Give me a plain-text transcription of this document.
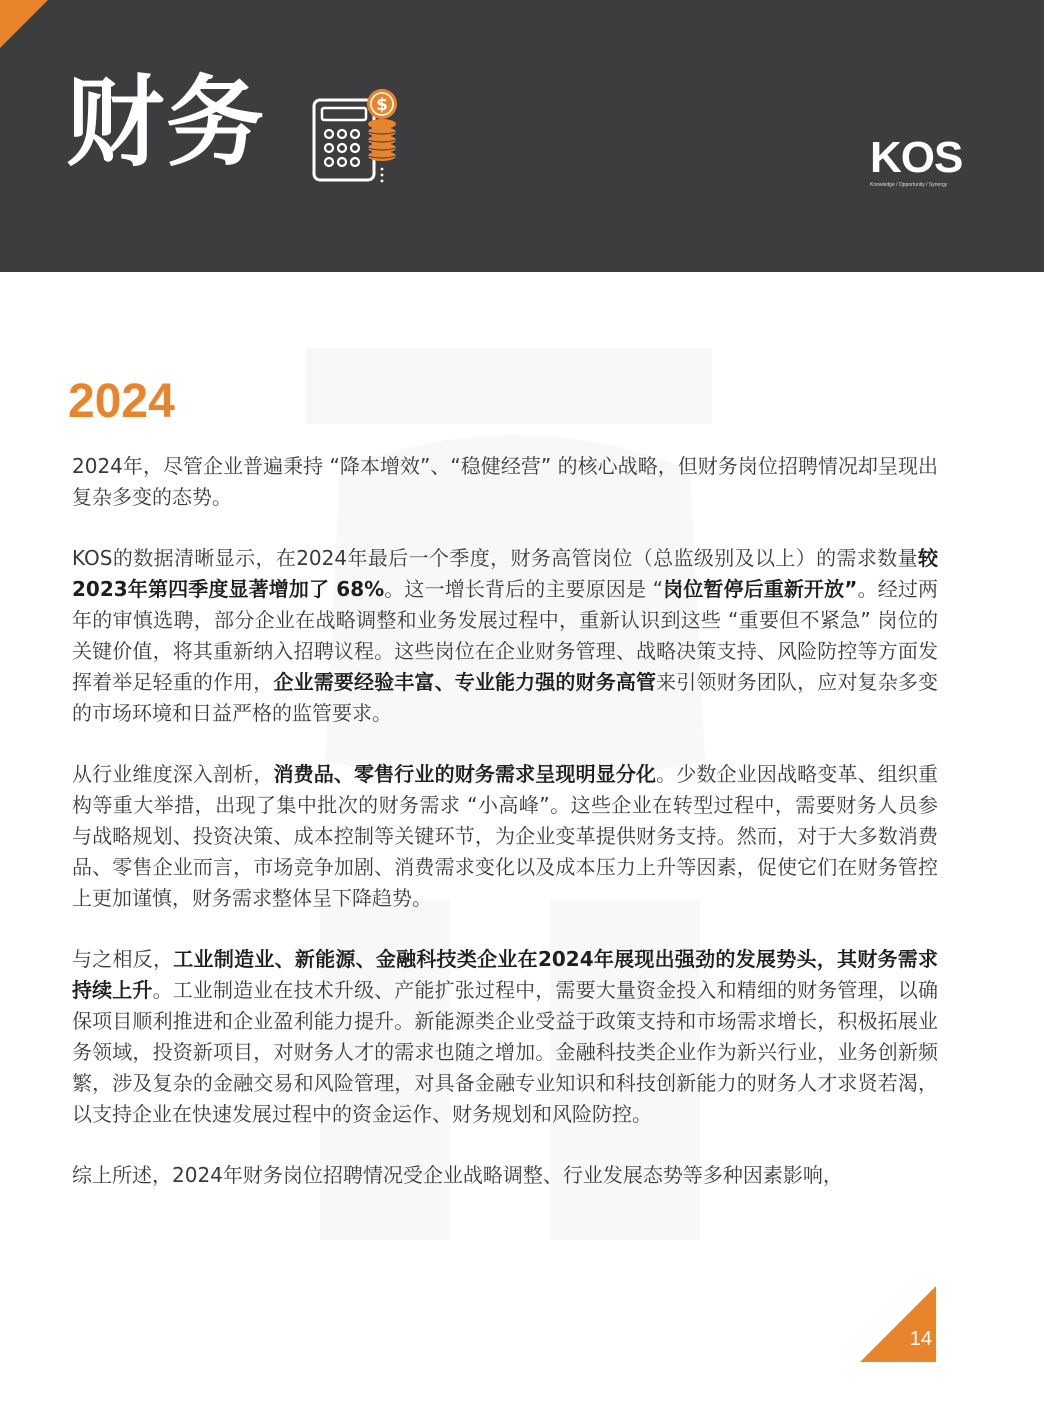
财务	$
KOS
Knowledge / Opportunity / Synergy
2024

2024年，尽管企业普遍秉持 “降本增效”、“稳健经营” 的核心战略，但财务岗位招聘情况却呈现出复杂多变的态势。

KOS的数据清晰显示，在2024年最后一个季度，财务高管岗位（总监级别及以上）的需求数量较2023年第四季度显著增加了 68%。这一增长背后的主要原因是 “岗位暂停后重新开放”。经过两年的审慎选聘，部分企业在战略调整和业务发展过程中，重新认识到这些 “重要但不紧急” 岗位的关键价值，将其重新纳入招聘议程。这些岗位在企业财务管理、战略决策支持、风险防控等方面发挥着举足轻重的作用，企业需要经验丰富、专业能力强的财务高管来引领财务团队，应对复杂多变的市场环境和日益严格的监管要求。

从行业维度深入剖析，消费品、零售行业的财务需求呈现明显分化。少数企业因战略变革、组织重构等重大举措，出现了集中批次的财务需求 “小高峰”。这些企业在转型过程中，需要财务人员参与战略规划、投资决策、成本控制等关键环节，为企业变革提供财务支持。然而，对于大多数消费品、零售企业而言，市场竞争加剧、消费需求变化以及成本压力上升等因素，促使它们在财务管控上更加谨慎，财务需求整体呈下降趋势。

与之相反，工业制造业、新能源、金融科技类企业在2024年展现出强劲的发展势头，其财务需求持续上升。工业制造业在技术升级、产能扩张过程中，需要大量资金投入和精细的财务管理，以确保项目顺利推进和企业盈利能力提升。新能源类企业受益于政策支持和市场需求增长，积极拓展业务领域，投资新项目，对财务人才的需求也随之增加。金融科技类企业作为新兴行业，业务创新频繁，涉及复杂的金融交易和风险管理，对具备金融专业知识和科技创新能力的财务人才求贤若渴，以支持企业在快速发展过程中的资金运作、财务规划和风险防控。

综上所述，2024年财务岗位招聘情况受企业战略调整、行业发展态势等多种因素影响，

14
